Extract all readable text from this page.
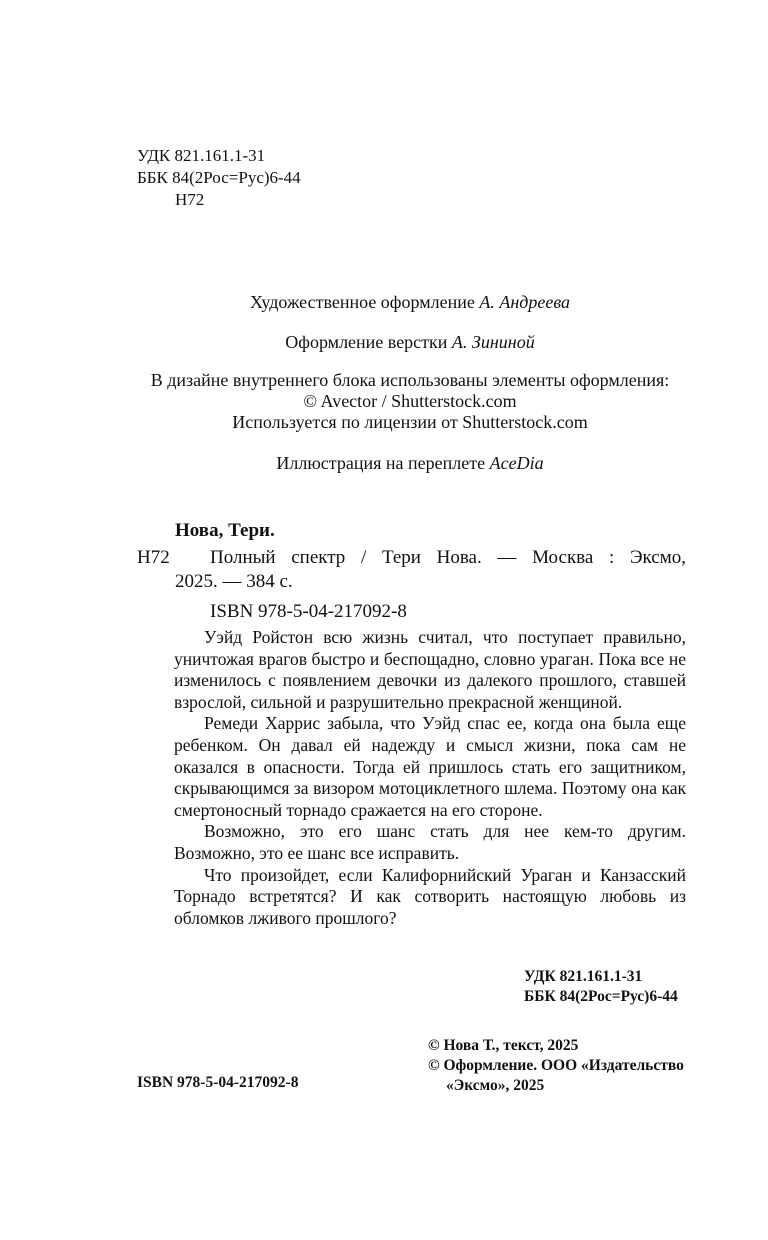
УДК 821.161.1-31
ББК 84(2Рос=Рус)6-44
Н72
Художественное оформление А. Андреева
Оформление верстки А. Зининой
В дизайне внутреннего блока использованы элементы оформления:
© Avector / Shutterstock.com
Используется по лицензии от Shutterstock.com
Иллюстрация на переплете AceDia
Нова, Тери.
Н72 Полный спектр / Тери Нова. — Москва : Эксмо,
2025. — 384 с.
ISBN 978-5-04-217092-8

Уэйд Ройстон всю жизнь считал, что поступает правильно, уничтожая врагов быстро и беспощадно, словно ураган. Пока все не изменилось с появлением девочки из далекого прошлого, ставшей взрослой, сильной и разрушительно прекрасной женщиной.

Ремеди Харрис забыла, что Уэйд спас ее, когда она была еще ребенком. Он давал ей надежду и смысл жизни, пока сам не оказался в опасности. Тогда ей пришлось стать его защитником, скрывающимся за визором мотоциклетного шлема. Поэтому она как смертоносный торнадо сражается на его стороне.

Возможно, это его шанс стать для нее кем-то другим. Возможно, это ее шанс все исправить.

Что произойдет, если Калифорнийский Ураган и Канзасский Торнадо встретятся? И как сотворить настоящую любовь из обломков лживого прошлого?

УДК 821.161.1-31
ББК 84(2Рос=Рус)6-44
© Нова Т., текст, 2025
© Оформление. ООО «Издательство
«Эксмо», 2025
ISBN 978-5-04-217092-8
